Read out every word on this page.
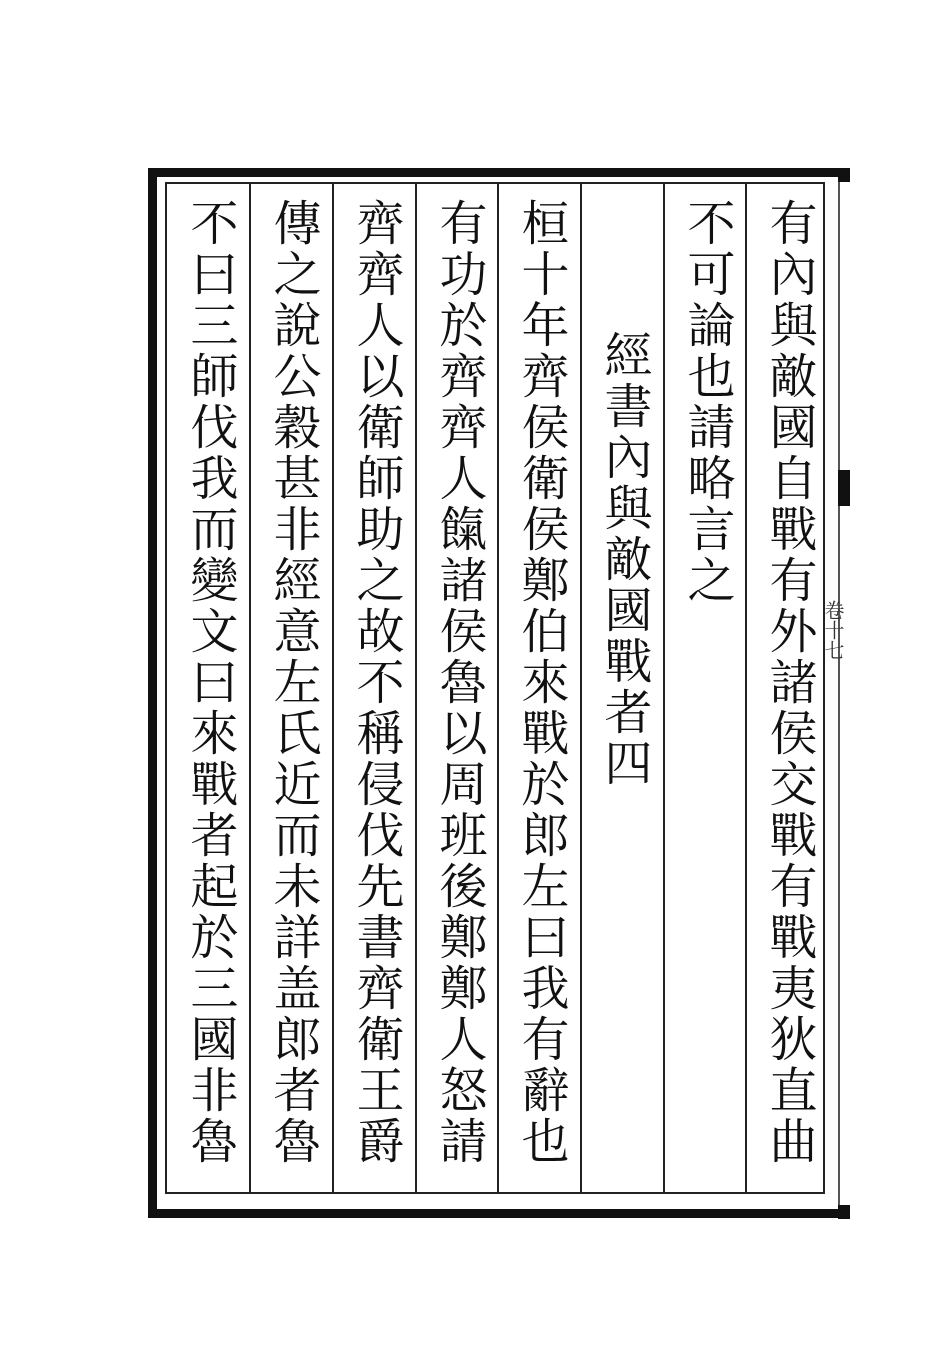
卷十七
有內與敵國自戰有外諸侯交戰有戰夷狄直曲
不可論也請略言之
經書內與敵國戰者四
桓十年齊侯衛侯鄭伯來戰於郎左曰我有辭也
有功於齊齊人餼諸侯魯以周班後鄭鄭人怒請
齊齊人以衛師助之故不稱侵伐先書齊衛王爵
傳之說公穀甚非經意左氏近而未詳盖郎者魯
不曰三師伐我而變文曰來戰者起於三國非魯
